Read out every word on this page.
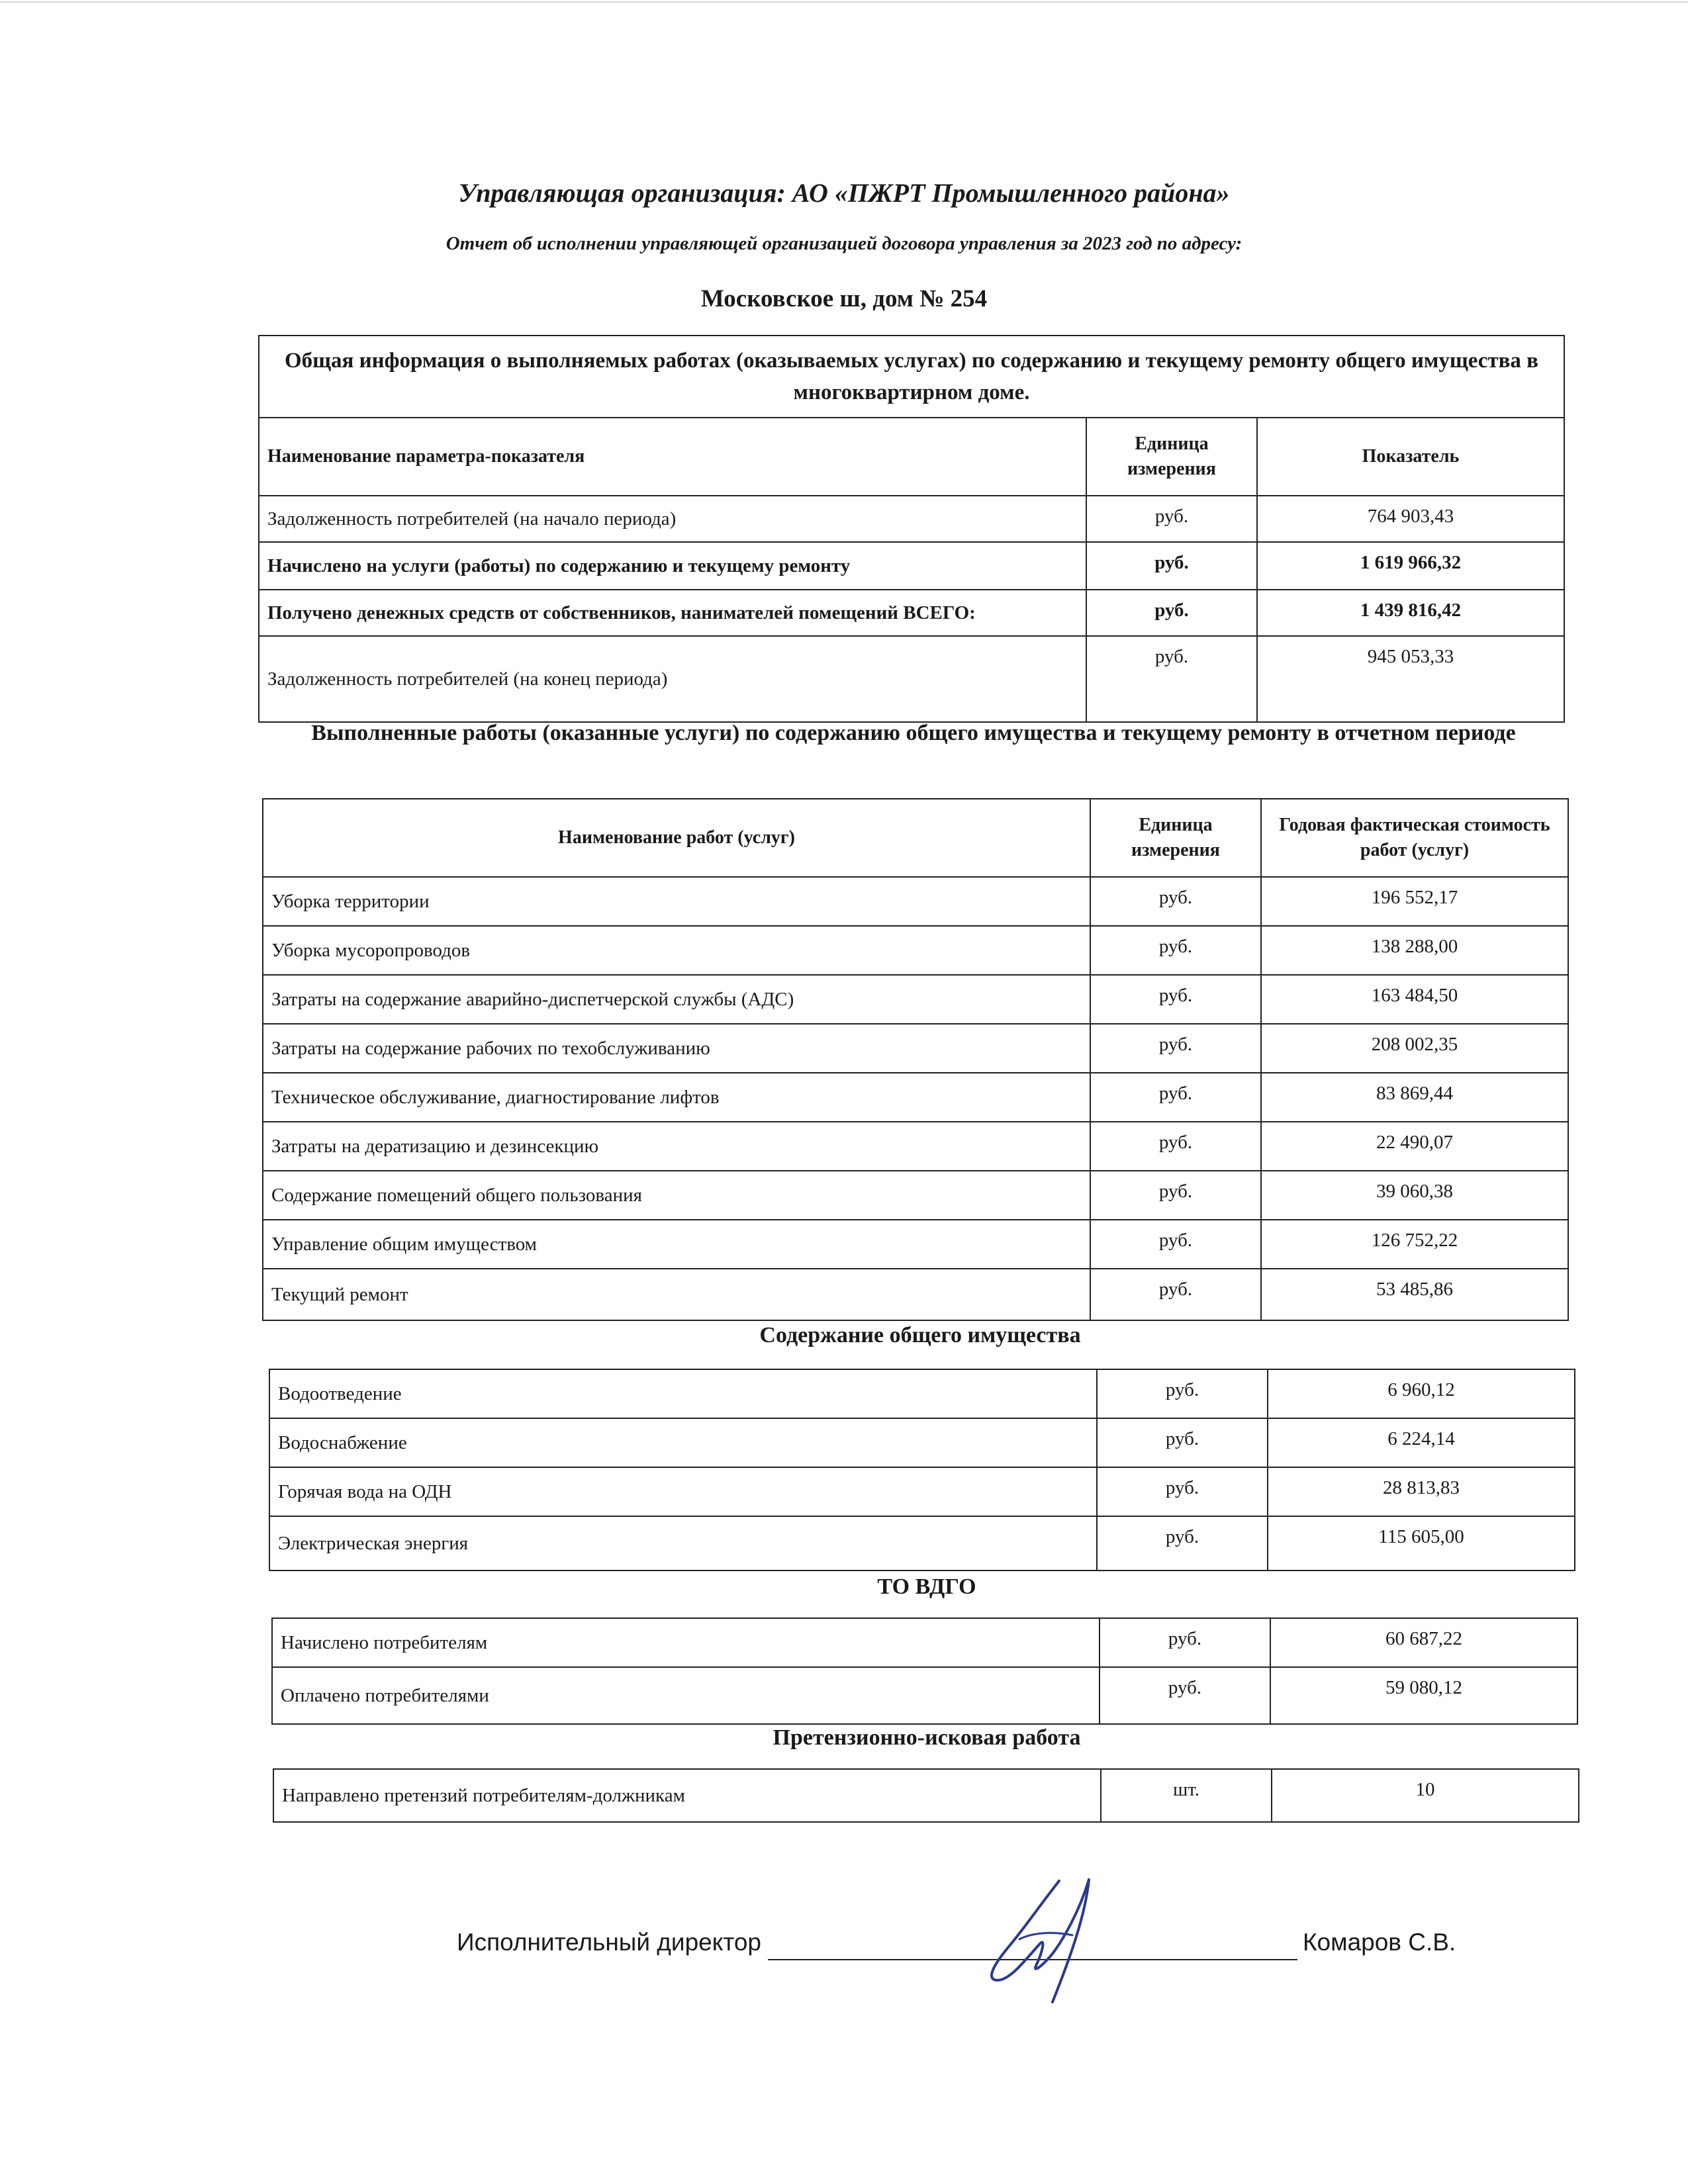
Управляющая организация: АО «ПЖРТ Промышленного района»
Отчет об исполнении управляющей организацией договора управления за 2023 год по адресу:
Московское ш, дом № 254
Общая информация о выполняемых работах (оказываемых услугах) по содержанию и текущему ремонту общего имущества в многоквартирном доме.		
Наименование параметра-показателя	Единица измерения	Показатель
Задолженность потребителей (на начало периода)	руб.	764 903,43
Начислено на услуги (работы) по содержанию и текущему ремонту	руб.	1 619 966,32
Получено денежных средств от собственников, нанимателей помещений ВСЕГО:	руб.	1 439 816,42
Задолженность потребителей (на конец периода)	руб.	945 053,33
Выполненные работы (оказанные услуги) по содержанию общего имущества и текущему ремонту в отчетном периоде
Наименование работ (услуг)	Единица измерения	Годовая фактическая стоимость работ (услуг)
Уборка территории	руб.	196 552,17
Уборка мусоропроводов	руб.	138 288,00
Затраты на содержание аварийно-диспетчерской службы (АДС)	руб.	163 484,50
Затраты на содержание рабочих по техобслуживанию	руб.	208 002,35
Техническое обслуживание, диагностирование лифтов	руб.	83 869,44
Затраты на дератизацию и дезинсекцию	руб.	22 490,07
Содержание помещений общего пользования	руб.	39 060,38
Управление общим имуществом	руб.	126 752,22
Текущий ремонт	руб.	53 485,86
Содержание общего имущества
Водоотведение	руб.	6 960,12
Водоснабжение	руб.	6 224,14
Горячая вода на ОДН	руб.	28 813,83
Электрическая энергия	руб.	115 605,00
ТО ВДГО
Начислено потребителям	руб.	60 687,22
Оплачено потребителями	руб.	59 080,12
Претензионно-исковая работа
Направлено претензий потребителям-должникам	шт.	10
Исполнительный директор	Комаров С.В.
